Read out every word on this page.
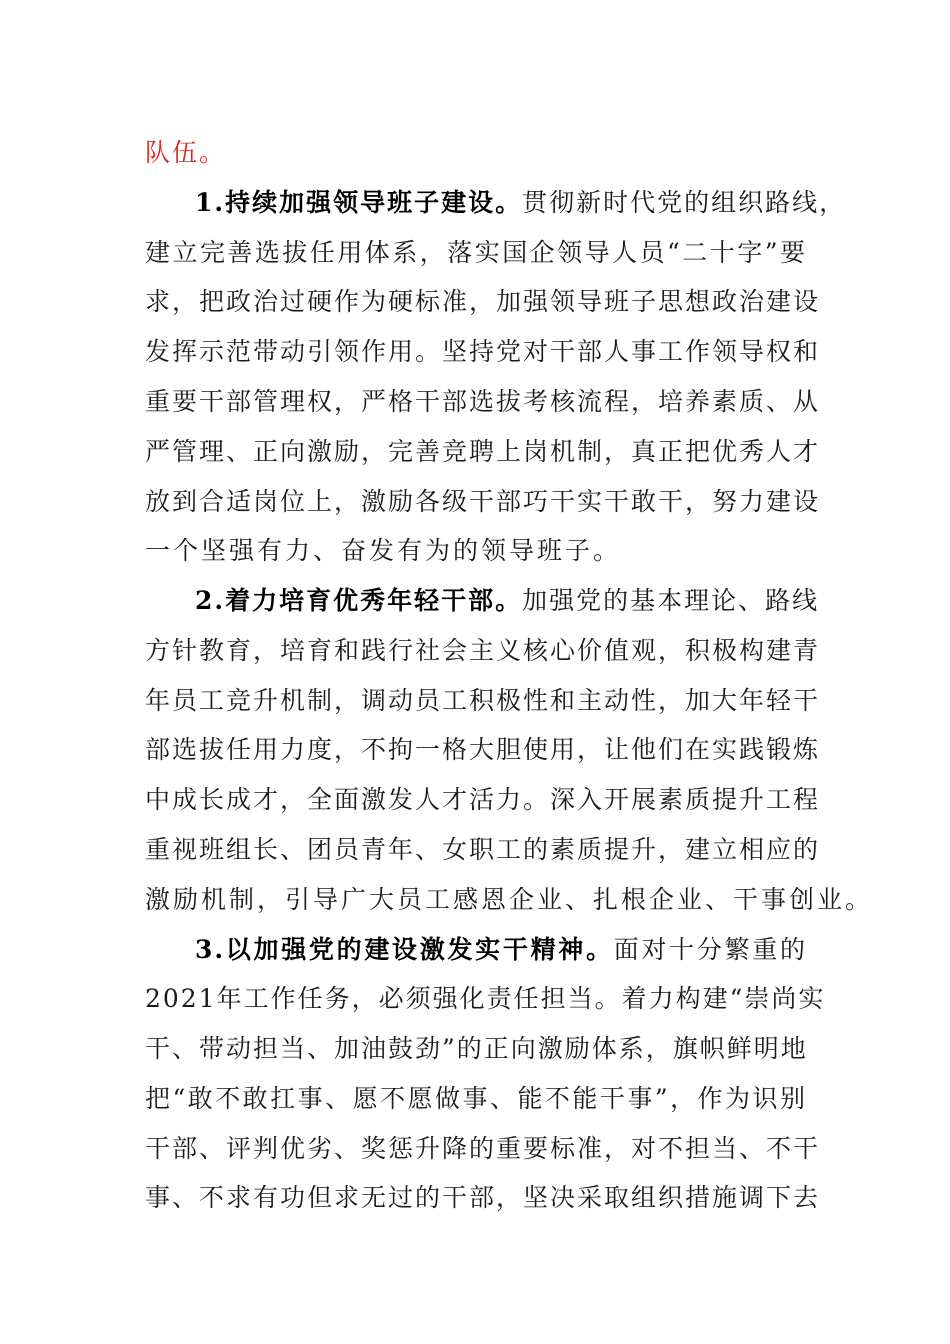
队伍。
1.持续加强领导班子建设。贯彻新时代党的组织路线，
建立完善选拔任用体系，落实国企领导人员“二十字”要
求，把政治过硬作为硬标准，加强领导班子思想政治建设
发挥示范带动引领作用。坚持党对干部人事工作领导权和
重要干部管理权，严格干部选拔考核流程，培养素质、从
严管理、正向激励，完善竞聘上岗机制，真正把优秀人才
放到合适岗位上，激励各级干部巧干实干敢干，努力建设
一个坚强有力、奋发有为的领导班子。
2.着力培育优秀年轻干部。加强党的基本理论、路线
方针教育，培育和践行社会主义核心价值观，积极构建青
年员工竞升机制，调动员工积极性和主动性，加大年轻干
部选拔任用力度，不拘一格大胆使用，让他们在实践锻炼
中成长成才，全面激发人才活力。深入开展素质提升工程
重视班组长、团员青年、女职工的素质提升，建立相应的
激励机制，引导广大员工感恩企业、扎根企业、干事创业。
3.以加强党的建设激发实干精神。面对十分繁重的
2021年工作任务，必须强化责任担当。着力构建“崇尚实
干、带动担当、加油鼓劲”的正向激励体系，旗帜鲜明地
把“敢不敢扛事、愿不愿做事、能不能干事”，作为识别
干部、评判优劣、奖惩升降的重要标准，对不担当、不干
事、不求有功但求无过的干部，坚决采取组织措施调下去
